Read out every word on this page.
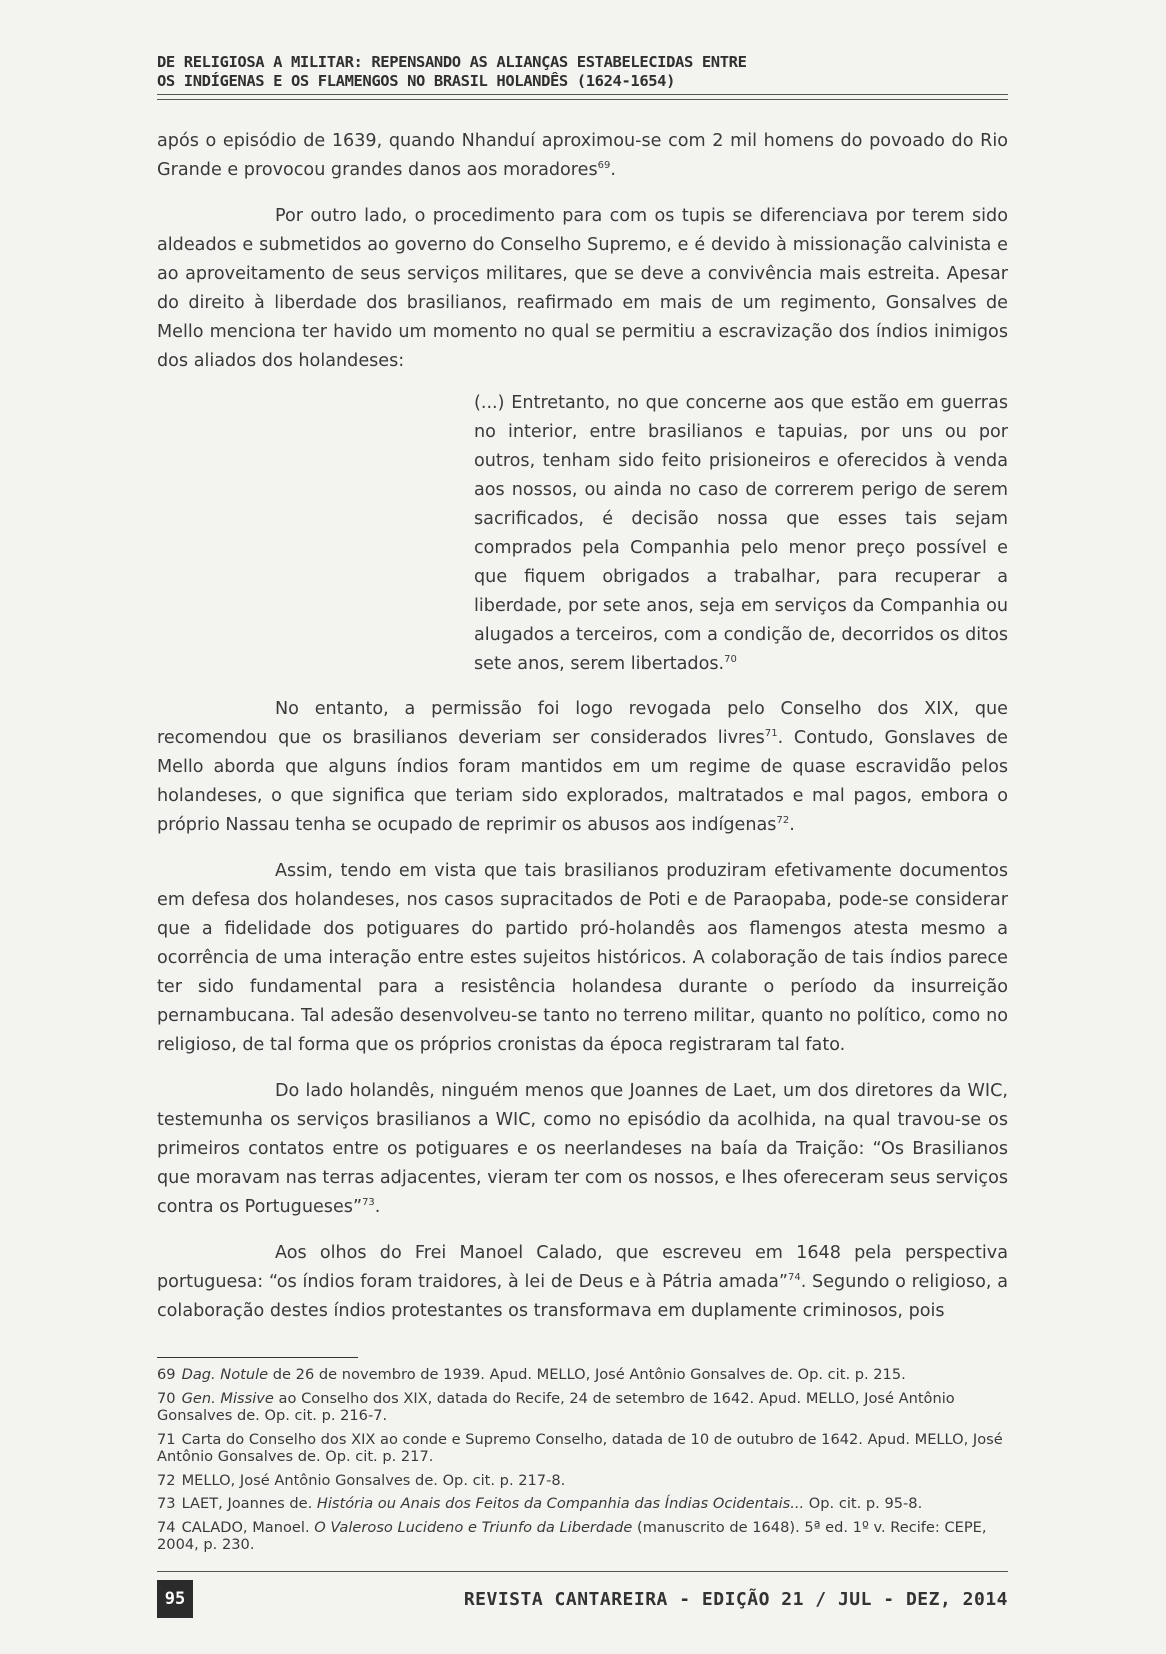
DE RELIGIOSA A MILITAR: REPENSANDO AS ALIANÇAS ESTABELECIDAS ENTRE
OS INDÍGENAS E OS FLAMENGOS NO BRASIL HOLANDÊS (1624-1654)

após o episódio de 1639, quando Nhanduí aproximou-se com 2 mil homens do povoado do Rio Grande e provocou grandes danos aos moradores$^{69}$.

Por outro lado, o procedimento para com os tupis se diferenciava por terem sido aldeados e submetidos ao governo do Conselho Supremo, e é devido à missionação calvinista e ao aproveitamento de seus serviços militares, que se deve a convivência mais estreita. Apesar do direito à liberdade dos brasilianos, reafirmado em mais de um regimento, Gonsalves de Mello menciona ter havido um momento no qual se permitiu a escravização dos índios inimigos dos aliados dos holandeses:

(...) Entretanto, no que concerne aos que estão em guerras no interior, entre brasilianos e tapuias, por uns ou por outros, tenham sido feito prisioneiros e oferecidos à venda aos nossos, ou ainda no caso de correrem perigo de serem sacrificados, é decisão nossa que esses tais sejam comprados pela Companhia pelo menor preço possível e que fiquem obrigados a trabalhar, para recuperar a liberdade, por sete anos, seja em serviços da Companhia ou alugados a terceiros, com a condição de, decorridos os ditos sete anos, serem libertados.$^{70}$

No entanto, a permissão foi logo revogada pelo Conselho dos XIX, que recomendou que os brasilianos deveriam ser considerados livres$^{71}$. Contudo, Gonslaves de Mello aborda que alguns índios foram mantidos em um regime de quase escravidão pelos holandeses, o que significa que teriam sido explorados, maltratados e mal pagos, embora o próprio Nassau tenha se ocupado de reprimir os abusos aos indígenas$^{72}$.

Assim, tendo em vista que tais brasilianos produziram efetivamente documentos em defesa dos holandeses, nos casos supracitados de Poti e de Paraopaba, pode-se considerar que a fidelidade dos potiguares do partido pró-holandês aos flamengos atesta mesmo a ocorrência de uma interação entre estes sujeitos históricos. A colaboração de tais índios parece ter sido fundamental para a resistência holandesa durante o período da insurreição pernambucana. Tal adesão desenvolveu-se tanto no terreno militar, quanto no político, como no religioso, de tal forma que os próprios cronistas da época registraram tal fato.

Do lado holandês, ninguém menos que Joannes de Laet, um dos diretores da WIC, testemunha os serviços brasilianos a WIC, como no episódio da acolhida, na qual travou-se os primeiros contatos entre os potiguares e os neerlandeses na baía da Traição: “Os Brasilianos que moravam nas terras adjacentes, vieram ter com os nossos, e lhes ofereceram seus serviços contra os Portugueses”$^{73}$.

Aos olhos do Frei Manoel Calado, que escreveu em 1648 pela perspectiva portuguesa: “os índios foram traidores, à lei de Deus e à Pátria amada”$^{74}$. Segundo o religioso, a colaboração destes índios protestantes os transformava em duplamente criminosos, pois

69 Dag. Notule de 26 de novembro de 1939. Apud. MELLO, José Antônio Gonsalves de. Op. cit. p. 215.
70 Gen. Missive ao Conselho dos XIX, datada do Recife, 24 de setembro de 1642. Apud. MELLO, José Antônio Gonsalves de. Op. cit. p. 216-7.
71 Carta do Conselho dos XIX ao conde e Supremo Conselho, datada de 10 de outubro de 1642. Apud. MELLO, José Antônio Gonsalves de. Op. cit. p. 217.
72 MELLO, José Antônio Gonsalves de. Op. cit. p. 217-8.
73 LAET, Joannes de. História ou Anais dos Feitos da Companhia das Índias Ocidentais... Op. cit. p. 95-8.
74 CALADO, Manoel. O Valeroso Lucideno e Triunfo da Liberdade (manuscrito de 1648). 5ª ed. 1º v. Recife: CEPE, 2004, p. 230.
95	REVISTA CANTAREIRA - EDIÇÃO 21 / JUL - DEZ, 2014
